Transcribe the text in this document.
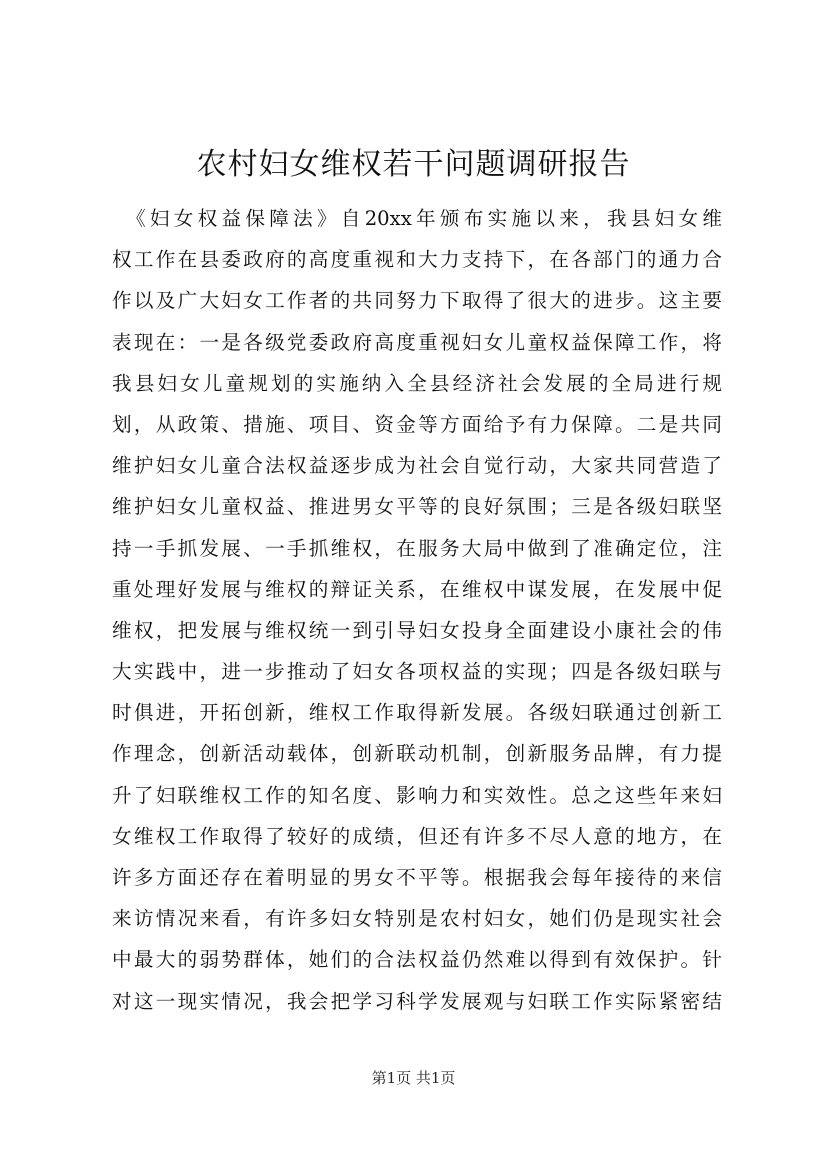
农村妇女维权若干问题调研报告
　《妇女权益保障法》自20xx年颁布实施以来，我县妇女维
权工作在县委政府的高度重视和大力支持下，在各部门的通力合
作以及广大妇女工作者的共同努力下取得了很大的进步。这主要
表现在：一是各级党委政府高度重视妇女儿童权益保障工作，将
我县妇女儿童规划的实施纳入全县经济社会发展的全局进行规
划，从政策、措施、项目、资金等方面给予有力保障。二是共同
维护妇女儿童合法权益逐步成为社会自觉行动，大家共同营造了
维护妇女儿童权益、推进男女平等的良好氛围；三是各级妇联坚
持一手抓发展、一手抓维权，在服务大局中做到了准确定位，注
重处理好发展与维权的辩证关系，在维权中谋发展，在发展中促
维权，把发展与维权统一到引导妇女投身全面建设小康社会的伟
大实践中，进一步推动了妇女各项权益的实现；四是各级妇联与
时俱进，开拓创新，维权工作取得新发展。各级妇联通过创新工
作理念，创新活动载体，创新联动机制，创新服务品牌，有力提
升了妇联维权工作的知名度、影响力和实效性。总之这些年来妇
女维权工作取得了较好的成绩，但还有许多不尽人意的地方，在
许多方面还存在着明显的男女不平等。根据我会每年接待的来信
来访情况来看，有许多妇女特别是农村妇女，她们仍是现实社会
中最大的弱势群体，她们的合法权益仍然难以得到有效保护。针
对这一现实情况，我会把学习科学发展观与妇联工作实际紧密结
第1页 共1页
